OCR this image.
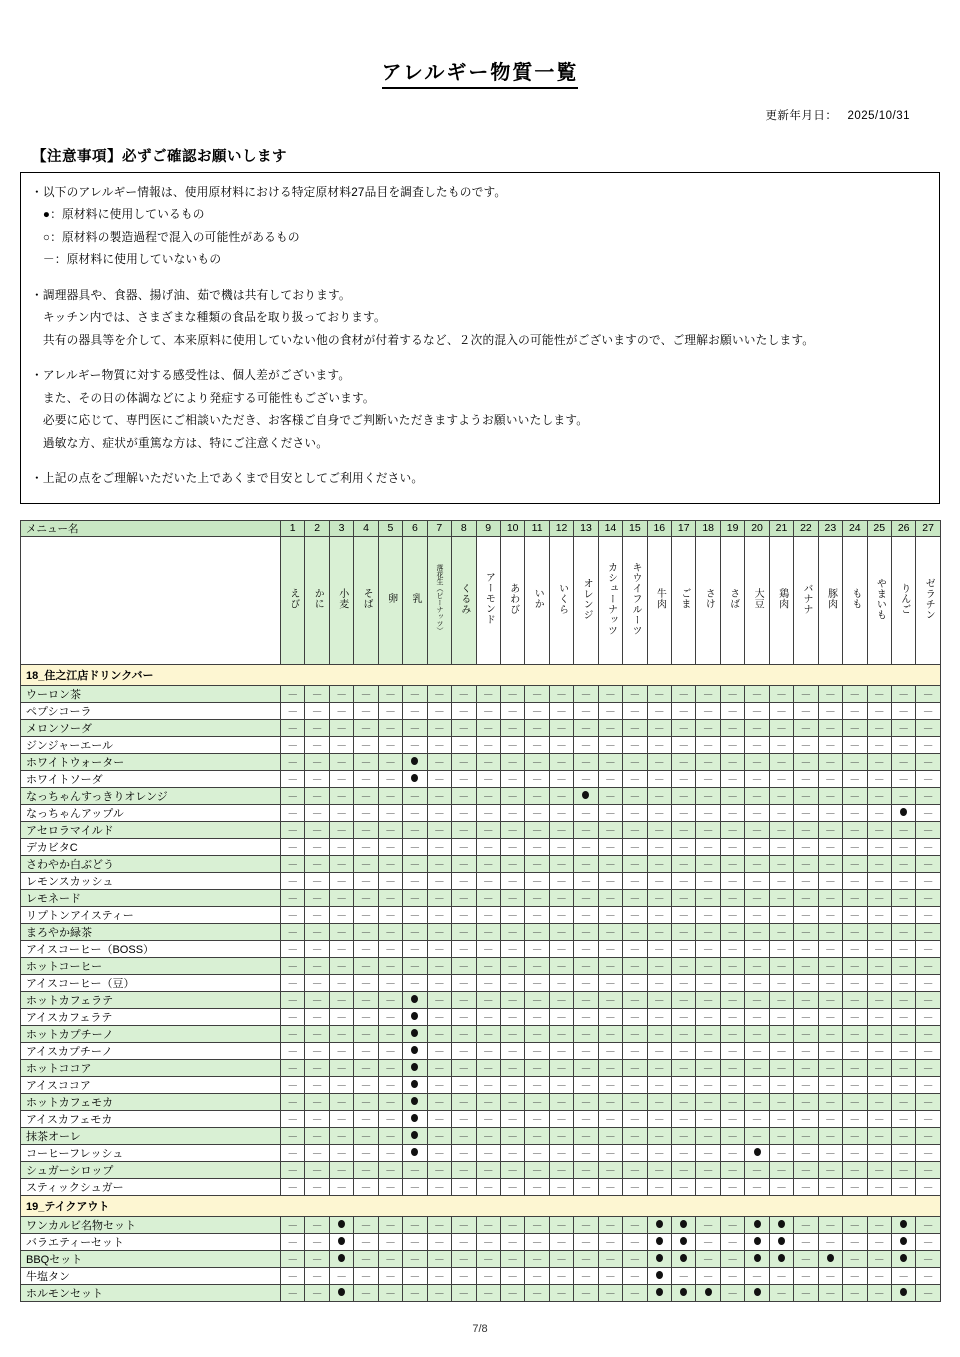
アレルギー物質一覧
更新年月日： 2025/10/31
【注意事項】必ずご確認お願いします
・以下のアレルギー情報は、使用原材料における特定原材料27品目を調査したものです。
　●：原材料に使用しているもの
　○：原材料の製造過程で混入の可能性があるもの
　－：原材料に使用していないもの
・調理器具や、食器、揚げ油、茹で機は共有しております。
　キッチン内では、さまざまな種類の食品を取り扱っております。
　共有の器具等を介して、本来原料に使用していない他の食材が付着するなど、２次的混入の可能性がございますので、ご理解お願いいたします。
・アレルギー物質に対する感受性は、個人差がございます。
　また、その日の体調などにより発症する可能性もございます。
　必要に応じて、専門医にご相談いただき、お客様ご自身でご判断いただきますようお願いいたします。
　過敏な方、症状が重篤な方は、特にご注意ください。
・上記の点をご理解いただいた上であくまで目安としてご利用ください。
メニュー名	1	2	3	4	5	6	7	8	9	10	11	12	13	14	15	16	17	18	19	20	21	22	23	24	25	26	27
	えび	かに	小麦	そば	卵	乳	落花生（ピーナッツ）	くるみ	アーモンド	あわび	いか	いくら	オレンジ	カシューナッツ	キウイフルーツ	牛肉	ごま	さけ	さば	大豆	鶏肉	バナナ	豚肉	もも	やまいも	りんご	ゼラチン
18_住之江店ドリンクバー																											
ウーロン茶	－	－	－	－	－	－	－	－	－	－	－	－	－	－	－	－	－	－	－	－	－	－	－	－	－	－	－
ペプシコーラ	－	－	－	－	－	－	－	－	－	－	－	－	－	－	－	－	－	－	－	－	－	－	－	－	－	－	－
メロンソーダ	－	－	－	－	－	－	－	－	－	－	－	－	－	－	－	－	－	－	－	－	－	－	－	－	－	－	－
ジンジャーエール	－	－	－	－	－	－	－	－	－	－	－	－	－	－	－	－	－	－	－	－	－	－	－	－	－	－	－
ホワイトウォーター	－	－	－	－	－		－	－	－	－	－	－	－	－	－	－	－	－	－	－	－	－	－	－	－	－	－
ホワイトソーダ	－	－	－	－	－		－	－	－	－	－	－	－	－	－	－	－	－	－	－	－	－	－	－	－	－	－
なっちゃんすっきりオレンジ	－	－	－	－	－	－	－	－	－	－	－	－		－	－	－	－	－	－	－	－	－	－	－	－	－	－
なっちゃんアップル	－	－	－	－	－	－	－	－	－	－	－	－	－	－	－	－	－	－	－	－	－	－	－	－	－		－
アセロラマイルド	－	－	－	－	－	－	－	－	－	－	－	－	－	－	－	－	－	－	－	－	－	－	－	－	－	－	－
デカビタC	－	－	－	－	－	－	－	－	－	－	－	－	－	－	－	－	－	－	－	－	－	－	－	－	－	－	－
さわやか白ぶどう	－	－	－	－	－	－	－	－	－	－	－	－	－	－	－	－	－	－	－	－	－	－	－	－	－	－	－
レモンスカッシュ	－	－	－	－	－	－	－	－	－	－	－	－	－	－	－	－	－	－	－	－	－	－	－	－	－	－	－
レモネード	－	－	－	－	－	－	－	－	－	－	－	－	－	－	－	－	－	－	－	－	－	－	－	－	－	－	－
リプトンアイスティー	－	－	－	－	－	－	－	－	－	－	－	－	－	－	－	－	－	－	－	－	－	－	－	－	－	－	－
まろやか緑茶	－	－	－	－	－	－	－	－	－	－	－	－	－	－	－	－	－	－	－	－	－	－	－	－	－	－	－
アイスコーヒー（BOSS）	－	－	－	－	－	－	－	－	－	－	－	－	－	－	－	－	－	－	－	－	－	－	－	－	－	－	－
ホットコーヒー	－	－	－	－	－	－	－	－	－	－	－	－	－	－	－	－	－	－	－	－	－	－	－	－	－	－	－
アイスコーヒー（豆）	－	－	－	－	－	－	－	－	－	－	－	－	－	－	－	－	－	－	－	－	－	－	－	－	－	－	－
ホットカフェラテ	－	－	－	－	－		－	－	－	－	－	－	－	－	－	－	－	－	－	－	－	－	－	－	－	－	－
アイスカフェラテ	－	－	－	－	－		－	－	－	－	－	－	－	－	－	－	－	－	－	－	－	－	－	－	－	－	－
ホットカプチーノ	－	－	－	－	－		－	－	－	－	－	－	－	－	－	－	－	－	－	－	－	－	－	－	－	－	－
アイスカプチーノ	－	－	－	－	－		－	－	－	－	－	－	－	－	－	－	－	－	－	－	－	－	－	－	－	－	－
ホットココア	－	－	－	－	－		－	－	－	－	－	－	－	－	－	－	－	－	－	－	－	－	－	－	－	－	－
アイスココア	－	－	－	－	－		－	－	－	－	－	－	－	－	－	－	－	－	－	－	－	－	－	－	－	－	－
ホットカフェモカ	－	－	－	－	－		－	－	－	－	－	－	－	－	－	－	－	－	－	－	－	－	－	－	－	－	－
アイスカフェモカ	－	－	－	－	－		－	－	－	－	－	－	－	－	－	－	－	－	－	－	－	－	－	－	－	－	－
抹茶オーレ	－	－	－	－	－		－	－	－	－	－	－	－	－	－	－	－	－	－	－	－	－	－	－	－	－	－
コーヒーフレッシュ	－	－	－	－	－		－	－	－	－	－	－	－	－	－	－	－	－	－		－	－	－	－	－	－	－
シュガーシロップ	－	－	－	－	－	－	－	－	－	－	－	－	－	－	－	－	－	－	－	－	－	－	－	－	－	－	－
スティックシュガー	－	－	－	－	－	－	－	－	－	－	－	－	－	－	－	－	－	－	－	－	－	－	－	－	－	－	－
19_テイクアウト																											
ワンカルビ名物セット	－	－		－	－	－	－	－	－	－	－	－	－	－	－			－	－			－	－	－	－		－
バラエティーセット	－	－		－	－	－	－	－	－	－	－	－	－	－	－			－	－			－	－	－	－		－
BBQセット	－	－		－	－	－	－	－	－	－	－	－	－	－	－			－	－			－		－	－		－
牛塩タン	－	－	－	－	－	－	－	－	－	－	－	－	－	－	－		－	－	－	－	－	－	－	－	－	－	－
ホルモンセット	－	－		－	－	－	－	－	－	－	－	－	－	－	－				－		－	－	－	－	－		－
7/8
